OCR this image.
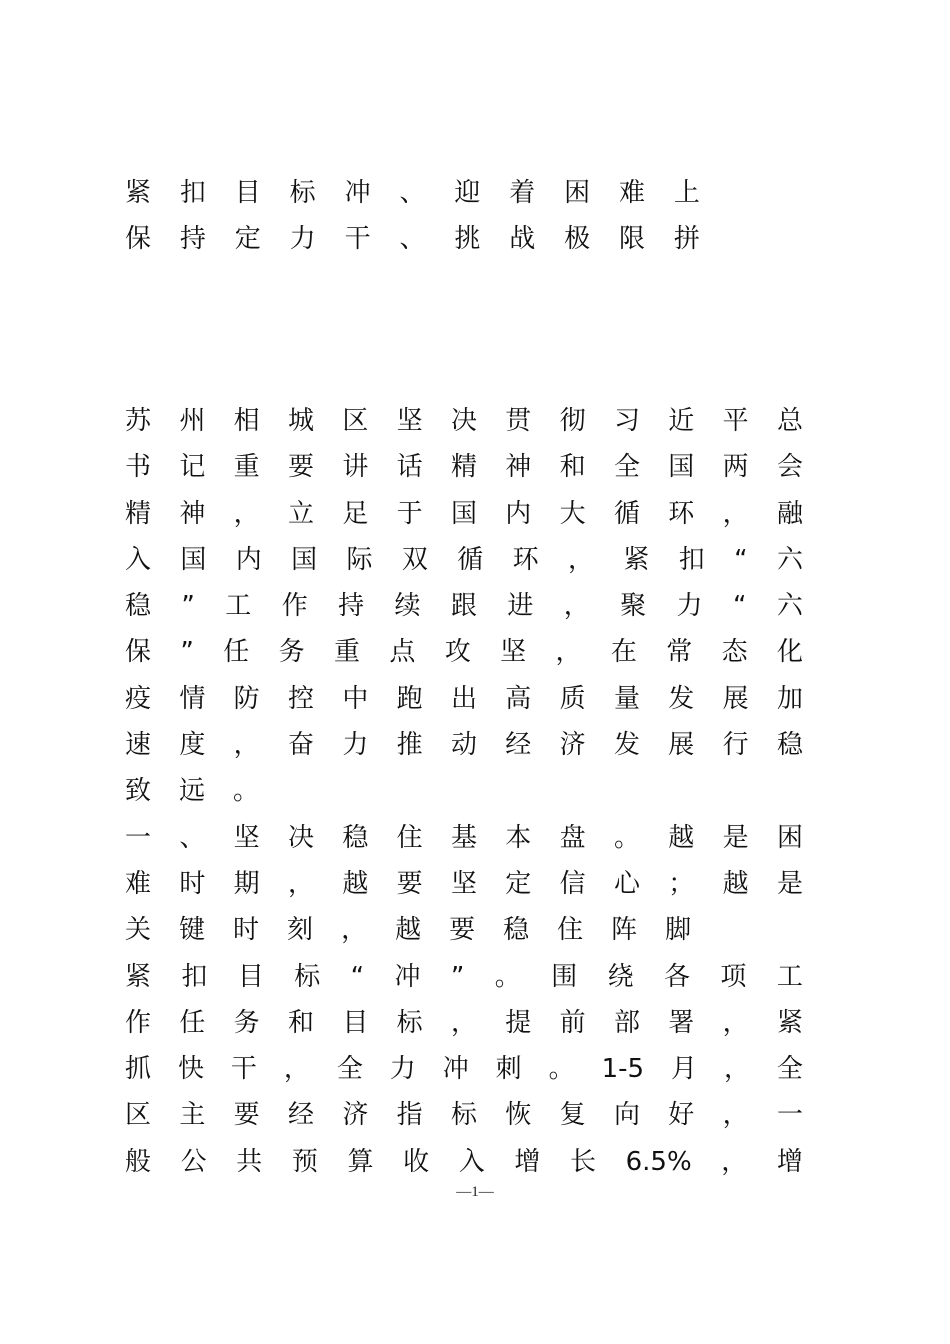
紧 扣 目 标 冲 、 迎 着 困 难 上
保 持 定 力 干 、 挑 战 极 限 拼
苏 州 相 城 区 坚 决 贯 彻 习 近 平 总
书 记 重 要 讲 话 精 神 和 全 国 两 会
精 神 ， 立 足 于 国 内 大 循 环 ， 融
入 国 内 国 际 双 循 环 ， 紧 扣 “ 六
稳 ” 工 作 持 续 跟 进 ， 聚 力 “ 六
保 ” 任 务 重 点 攻 坚 ， 在 常 态 化
疫 情 防 控 中 跑 出 高 质 量 发 展 加
速 度 ， 奋 力 推 动 经 济 发 展 行 稳
致 远 。
一 、 坚 决 稳 住 基 本 盘 。 越 是 困
难 时 期 ， 越 要 坚 定 信 心 ； 越 是
关 键 时 刻 ， 越 要 稳 住 阵 脚
紧 扣 目 标 “ 冲 ” 。 围 绕 各 项 工
作 任 务 和 目 标 ， 提 前 部 署 ， 紧
抓 快 干 ， 全 力 冲 刺 。 1-5 月 ， 全
区 主 要 经 济 指 标 恢 复 向 好 ， 一
般 公 共 预 算 收 入 增 长 6.5% ， 增
—1—
